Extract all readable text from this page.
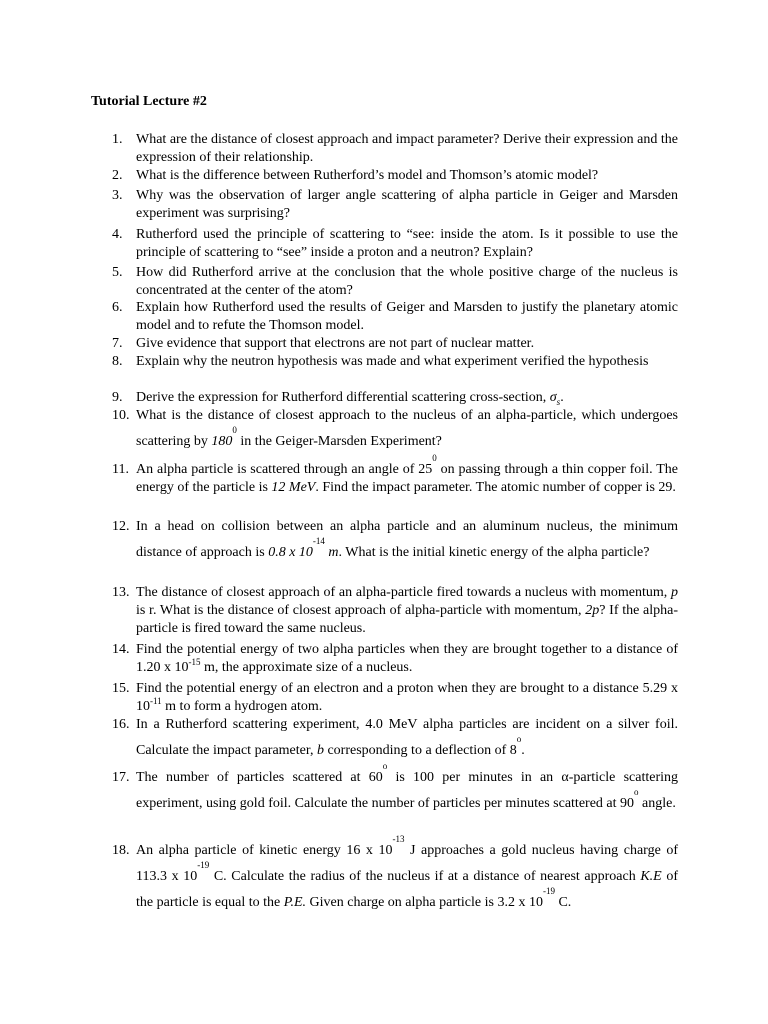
Tutorial Lecture #2
1. What are the distance of closest approach and impact parameter? Derive their expression and the expression of their relationship.
2. What is the difference between Rutherford’s model and Thomson’s atomic model?
3. Why was the observation of larger angle scattering of alpha particle in Geiger and Marsden experiment was surprising?
4. Rutherford used the principle of scattering to “see: inside the atom. Is it possible to use the principle of scattering to “see” inside a proton and a neutron? Explain?
5. How did Rutherford arrive at the conclusion that the whole positive charge of the nucleus is concentrated at the center of the atom?
6. Explain how Rutherford used the results of Geiger and Marsden to justify the planetary atomic model and to refute the Thomson model.
7. Give evidence that support that electrons are not part of nuclear matter.
8. Explain why the neutron hypothesis was made and what experiment verified the hypothesis
9. Derive the expression for Rutherford differential scattering cross-section, $\sigma_s$.
10. What is the distance of closest approach to the nucleus of an alpha-particle, which undergoes scattering by $180^0$ in the Geiger-Marsden Experiment?
11. An alpha particle is scattered through an angle of $25^0$ on passing through a thin copper foil. The energy of the particle is 12 MeV. Find the impact parameter. The atomic number of copper is 29.
12. In a head on collision between an alpha particle and an aluminum nucleus, the minimum distance of approach is 0.8 x $10^{-14}$ m. What is the initial kinetic energy of the alpha particle?
13. The distance of closest approach of an alpha-particle fired towards a nucleus with momentum, p is r. What is the distance of closest approach of alpha-particle with momentum, 2p? If the alpha-particle is fired toward the same nucleus.
14. Find the potential energy of two alpha particles when they are brought together to a distance of 1.20 x $10^{-15}$ m, the approximate size of a nucleus.
15. Find the potential energy of an electron and a proton when they are brought to a distance 5.29 x $10^{-11}$ m to form a hydrogen atom.
16. In a Rutherford scattering experiment, 4.0 MeV alpha particles are incident on a silver foil. Calculate the impact parameter, b corresponding to a deflection of 8$^o$.
17. The number of particles scattered at 60$^o$ is 100 per minutes in an α-particle scattering experiment, using gold foil. Calculate the number of particles per minutes scattered at 90$^o$ angle.
18. An alpha particle of kinetic energy 16 x $10^{-13}$ J approaches a gold nucleus having charge of 113.3 x $10^{-19}$ C. Calculate the radius of the nucleus if at a distance of nearest approach K.E of the particle is equal to the P.E. Given charge on alpha particle is 3.2 x $10^{-19}$ C.
